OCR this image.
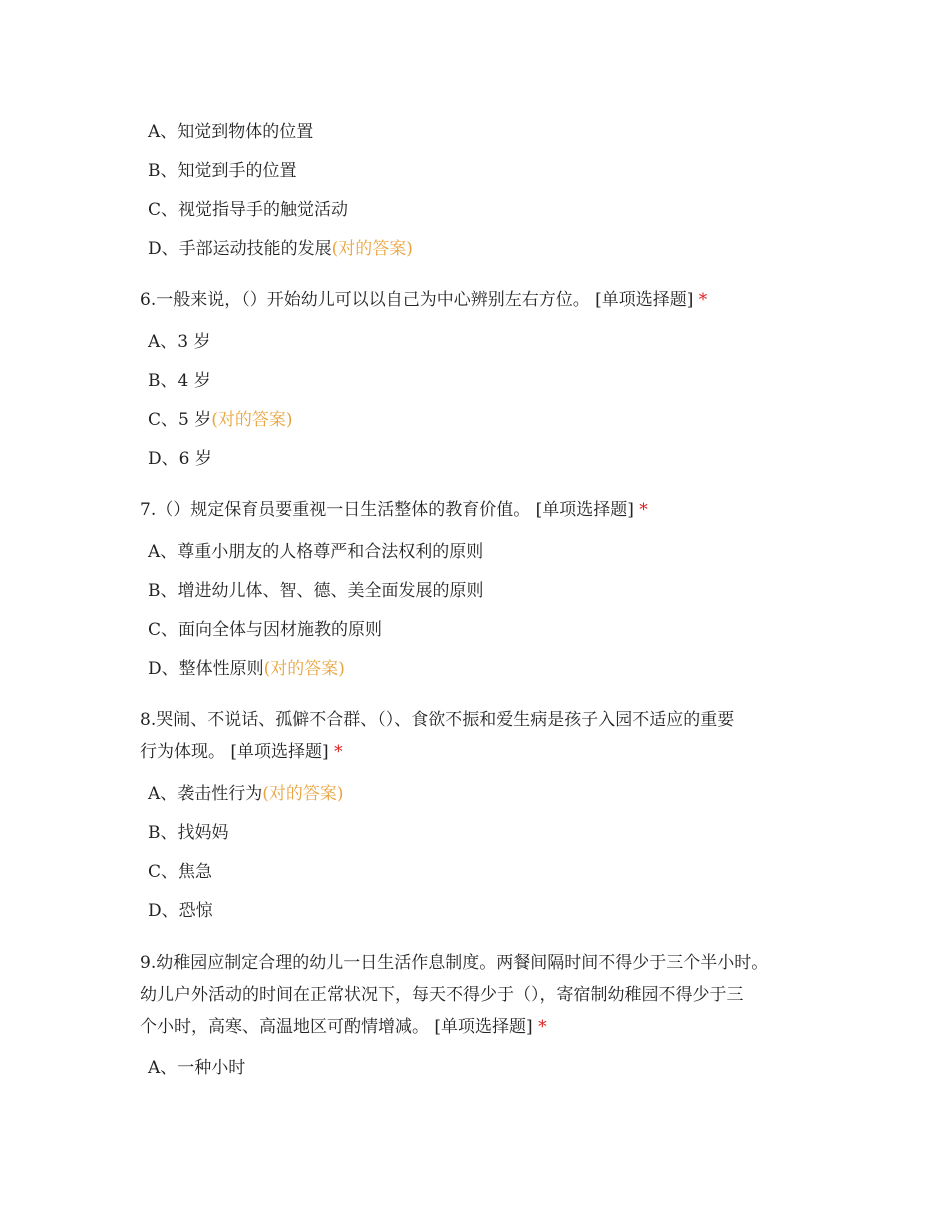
A、知觉到物体的位置
B、知觉到手的位置
C、视觉指导手的触觉活动
D、手部运动技能的发展(对的答案)
6.一般来说，（）开始幼儿可以以自己为中心辨别左右方位。 [单项选择题] *
A、3 岁
B、4 岁
C、5 岁(对的答案)
D、6 岁
7.（）规定保育员要重视一日生活整体的教育价值。 [单项选择题] *
A、尊重小朋友的人格尊严和合法权利的原则
B、增进幼儿体、智、德、美全面发展的原则
C、面向全体与因材施教的原则
D、整体性原则(对的答案)
8.哭闹、不说话、孤僻不合群、（）、食欲不振和爱生病是孩子入园不适应的重要
行为体现。 [单项选择题] *
A、袭击性行为(对的答案)
B、找妈妈
C、焦急
D、恐惊
9.幼稚园应制定合理的幼儿一日生活作息制度。两餐间隔时间不得少于三个半小时。
幼儿户外活动的时间在正常状况下，每天不得少于（），寄宿制幼稚园不得少于三
个小时，高寒、高温地区可酌情增减。 [单项选择题] *
A、一种小时
